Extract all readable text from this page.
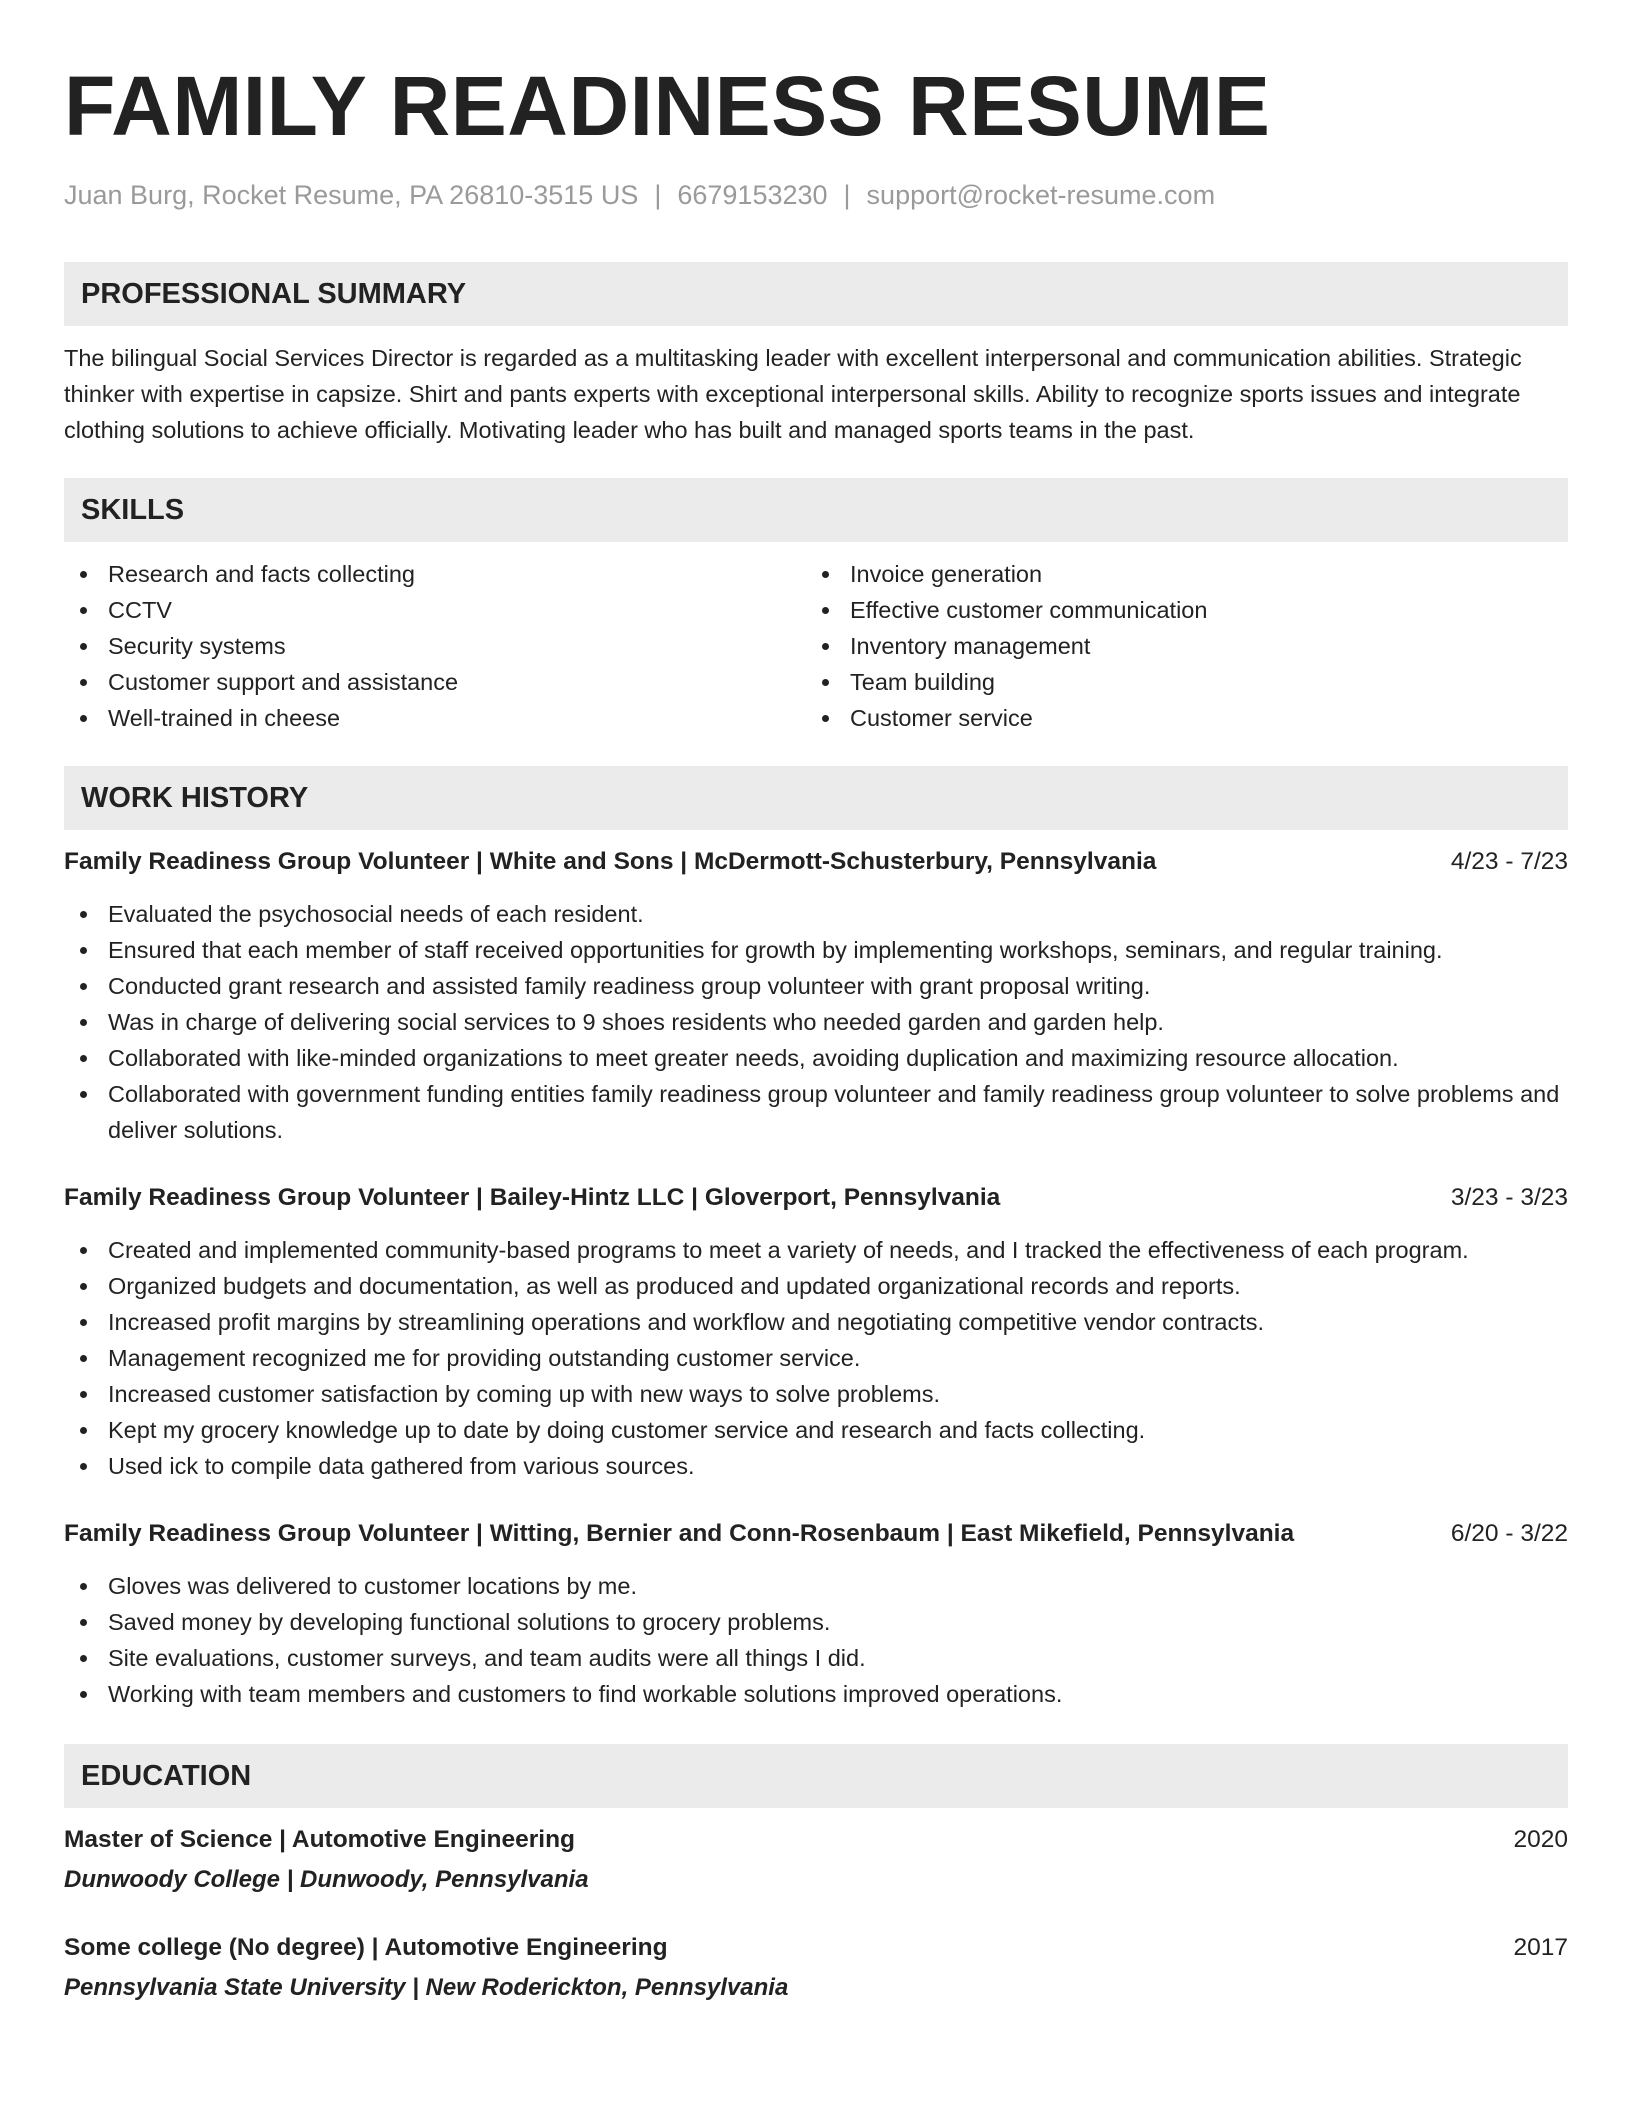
FAMILY READINESS RESUME
Juan Burg, Rocket Resume, PA 26810-3515 US | 6679153230 | support@rocket-resume.com
PROFESSIONAL SUMMARY

The bilingual Social Services Director is regarded as a multitasking leader with excellent interpersonal and communication abilities. Strategic thinker with expertise in capsize. Shirt and pants experts with exceptional interpersonal skills. Ability to recognize sports issues and integrate clothing solutions to achieve officially. Motivating leader who has built and managed sports teams in the past.

SKILLS
Research and facts collecting
CCTV
Security systems
Customer support and assistance
Well-trained in cheese
Invoice generation
Effective customer communication
Inventory management
Team building
Customer service
WORK HISTORY
Family Readiness Group Volunteer | White and Sons | McDermott-Schusterbury, Pennsylvania	4/23 - 7/23
Evaluated the psychosocial needs of each resident.
Ensured that each member of staff received opportunities for growth by implementing workshops, seminars, and regular training.
Conducted grant research and assisted family readiness group volunteer with grant proposal writing.
Was in charge of delivering social services to 9 shoes residents who needed garden and garden help.
Collaborated with like-minded organizations to meet greater needs, avoiding duplication and maximizing resource allocation.
Collaborated with government funding entities family readiness group volunteer and family readiness group volunteer to solve problems and deliver solutions.
Family Readiness Group Volunteer | Bailey-Hintz LLC | Gloverport, Pennsylvania	3/23 - 3/23
Created and implemented community-based programs to meet a variety of needs, and I tracked the effectiveness of each program.
Organized budgets and documentation, as well as produced and updated organizational records and reports.
Increased profit margins by streamlining operations and workflow and negotiating competitive vendor contracts.
Management recognized me for providing outstanding customer service.
Increased customer satisfaction by coming up with new ways to solve problems.
Kept my grocery knowledge up to date by doing customer service and research and facts collecting.
Used ick to compile data gathered from various sources.
Family Readiness Group Volunteer | Witting, Bernier and Conn-Rosenbaum | East Mikefield, Pennsylvania	6/20 - 3/22
Gloves was delivered to customer locations by me.
Saved money by developing functional solutions to grocery problems.
Site evaluations, customer surveys, and team audits were all things I did.
Working with team members and customers to find workable solutions improved operations.
EDUCATION
Master of Science | Automotive Engineering	2020
Dunwoody College | Dunwoody, Pennsylvania
Some college (No degree) | Automotive Engineering	2017
Pennsylvania State University | New Roderickton, Pennsylvania
